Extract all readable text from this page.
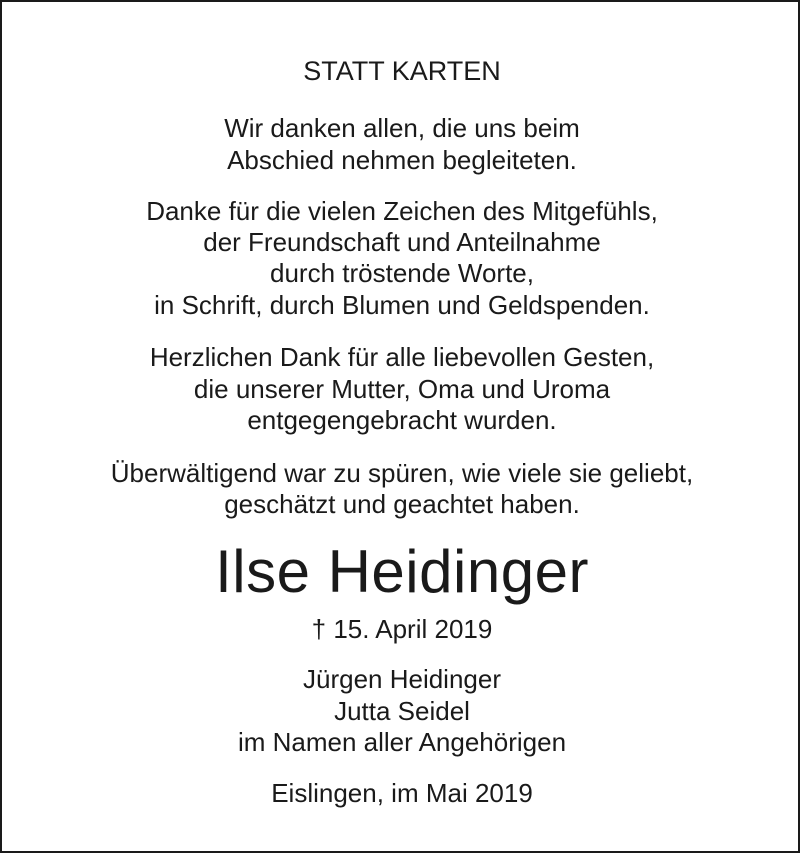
STATT KARTEN
Wir danken allen, die uns beim
Abschied nehmen begleiteten.
Danke für die vielen Zeichen des Mitgefühls,
der Freundschaft und Anteilnahme
durch tröstende Worte,
in Schrift, durch Blumen und Geldspenden.
Herzlichen Dank für alle liebevollen Gesten,
die unserer Mutter, Oma und Uroma
entgegengebracht wurden.
Überwältigend war zu spüren, wie viele sie geliebt,
geschätzt und geachtet haben.
Ilse Heidinger
† 15. April 2019
Jürgen Heidinger
Jutta Seidel
im Namen aller Angehörigen
Eislingen, im Mai 2019
